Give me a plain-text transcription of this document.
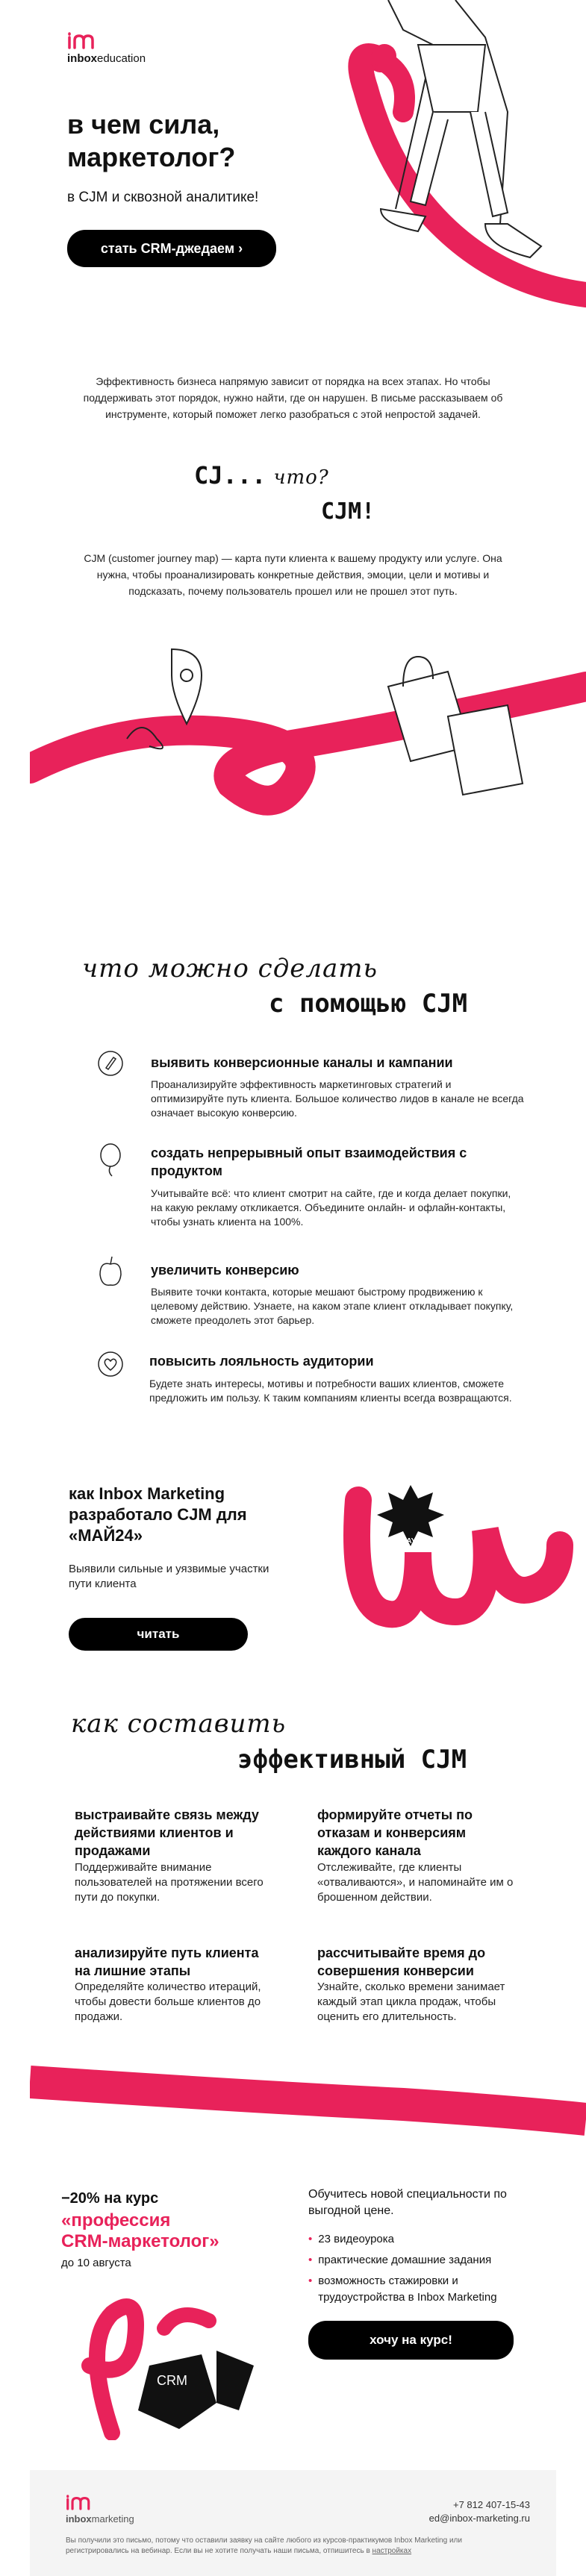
inboxeducation
в чем сила,
маркетолог?
в CJM и сквозной аналитике!
стать CRM-джедаем ›
Эффективность бизнеса напрямую зависит от порядка на всех этапах. Но чтобы поддерживать этот порядок, нужно найти, где он нарушен. В письме рассказываем об инструменте, который поможет легко разобраться с этой непростой задачей.
CJ... что?
CJM!
CJM (customer journey map) — карта пути клиента к вашему продукту или услуге. Она нужна, чтобы проанализировать конкретные действия, эмоции, цели и мотивы и подсказать, почему пользователь прошел или не прошел этот путь.
что можно сделать
с помощью CJM
выявить конверсионные каналы и кампании
Проанализируйте эффективность маркетинговых стратегий и оптимизируйте путь клиента. Большое количество лидов в канале не всегда означает высокую конверсию.
создать непрерывный опыт взаимодействия с продуктом
Учитывайте всё: что клиент смотрит на сайте, где и когда делает покупки, на какую рекламу откликается. Объедините онлайн- и офлайн-контакты, чтобы узнать клиента на 100%.
увеличить конверсию
Выявите точки контакта, которые мешают быстрому продвижению к целевому действию. Узнаете, на каком этапе клиент откладывает покупку, сможете преодолеть этот барьер.
повысить лояльность аудитории
Будете знать интересы, мотивы и потребности ваших клиентов, сможете предложить им пользу. К таким компаниям клиенты всегда возвращаются.
как Inbox Marketing разработало CJM для «МАЙ24»
Выявили сильные и уязвимые участки пути клиента
читать
MAY24.ru
как составить
эффективный CJM
выстраивайте связь между действиями клиентов и продажами
Поддерживайте внимание пользователей на протяжении всего пути до покупки.
формируйте отчеты по отказам и конверсиям каждого канала
Отслеживайте, где клиенты «отваливаются», и напоминайте им о брошенном действии.
анализируйте путь клиента на лишние этапы
Определяйте количество итераций, чтобы довести больше клиентов до продажи.
рассчитывайте время до совершения конверсии
Узнайте, сколько времени занимает каждый этап цикла продаж, чтобы оценить его длительность.
−20% на курс
«профессия
CRM-маркетолог»
до 10 августа
Обучитесь новой специальности по выгодной цене.
• 23 видеоурока
• практические домашние задания
• возможность стажировки и трудоустройства в Inbox Marketing
хочу на курс!
CRM
inboxmarketing
+7 812 407-15-43
ed@inbox-marketing.ru
Вы получили это письмо, потому что оставили заявку на сайте любого из курсов-практикумов Inbox Marketing или регистрировались на вебинар. Если вы не хотите получать наши письма, отпишитесь в настройках
